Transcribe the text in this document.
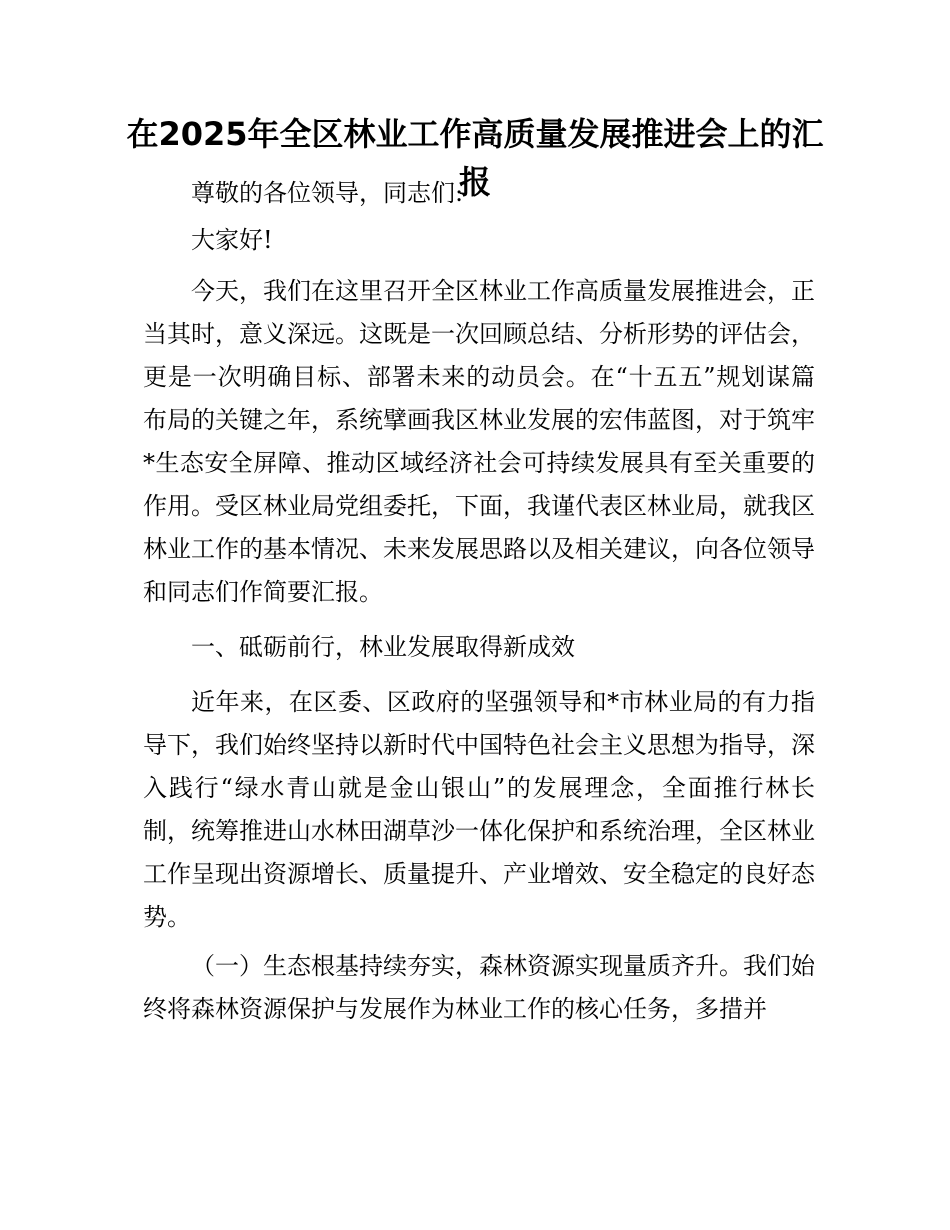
在2025年全区林业工作高质量发展推进会上的汇报

尊敬的各位领导，同志们:

大家好!

今天，我们在这里召开全区林业工作高质量发展推进会，正当其时，意义深远。这既是一次回顾总结、分析形势的评估会，更是一次明确目标、部署未来的动员会。在“十五五”规划谋篇布局的关键之年，系统擘画我区林业发展的宏伟蓝图，对于筑牢*生态安全屏障、推动区域经济社会可持续发展具有至关重要的作用。受区林业局党组委托，下面，我谨代表区林业局，就我区林业工作的基本情况、未来发展思路以及相关建议，向各位领导和同志们作简要汇报。

一、砥砺前行，林业发展取得新成效

近年来，在区委、区政府的坚强领导和*市林业局的有力指导下，我们始终坚持以新时代中国特色社会主义思想为指导，深入践行“绿水青山就是金山银山”的发展理念，全面推行林长制，统筹推进山水林田湖草沙一体化保护和系统治理，全区林业工作呈现出资源增长、质量提升、产业增效、安全稳定的良好态势。

（一）生态根基持续夯实，森林资源实现量质齐升。我们始终将森林资源保护与发展作为林业工作的核心任务，多措并
